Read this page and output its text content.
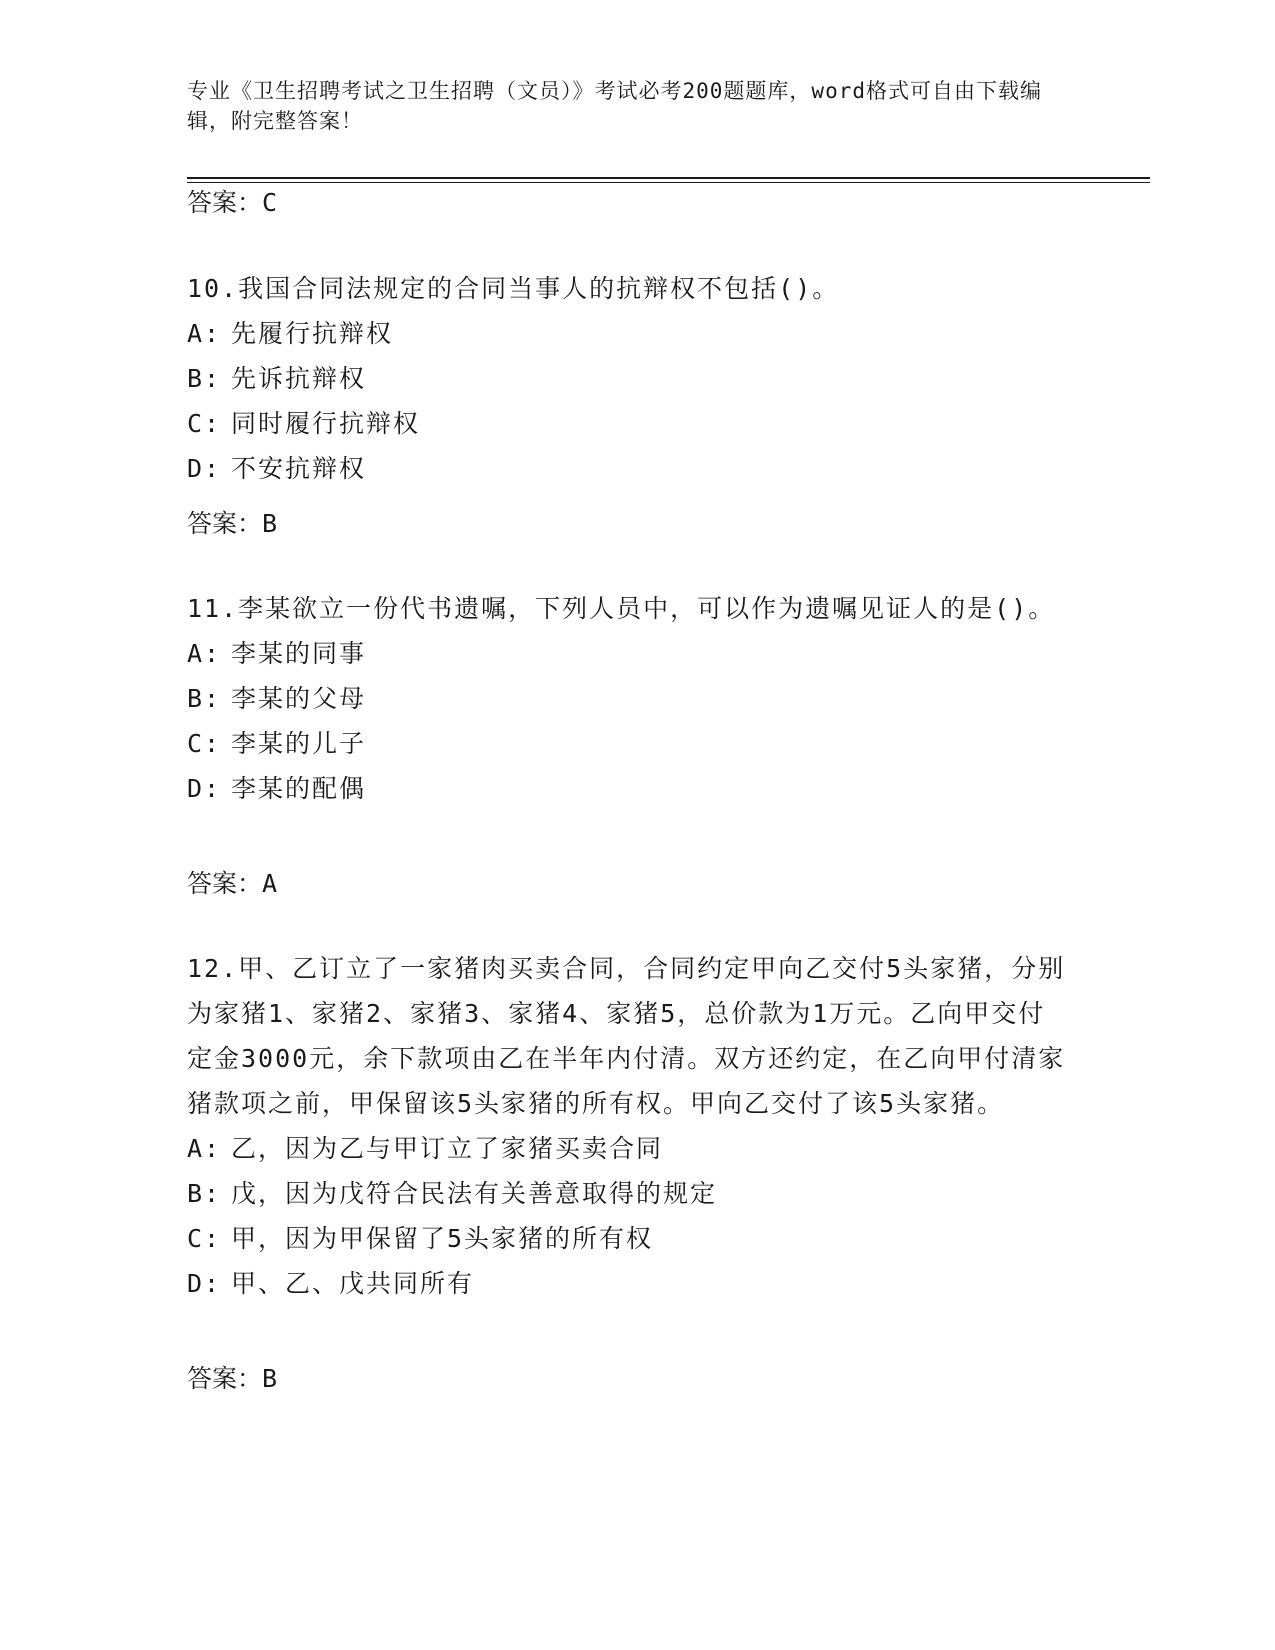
专业《卫生招聘考试之卫生招聘（文员）》考试必考200题题库，word格式可自由下载编辑，附完整答案！
答案：C

10.我国合同法规定的合同当事人的抗辩权不包括()。

A: 先履行抗辩权

B: 先诉抗辩权

C: 同时履行抗辩权

D: 不安抗辩权

答案：B

11.李某欲立一份代书遗嘱，下列人员中，可以作为遗嘱见证人的是()。

A: 李某的同事

B: 李某的父母

C: 李某的儿子

D: 李某的配偶

答案：A

12.甲、乙订立了一家猪肉买卖合同，合同约定甲向乙交付5头家猪，分别为家猪1、家猪2、家猪3、家猪4、家猪5，总价款为1万元。乙向甲交付定金3000元，余下款项由乙在半年内付清。双方还约定，在乙向甲付清家猪款项之前，甲保留该5头家猪的所有权。甲向乙交付了该5头家猪。

A: 乙，因为乙与甲订立了家猪买卖合同

B: 戊，因为戊符合民法有关善意取得的规定

C: 甲，因为甲保留了5头家猪的所有权

D: 甲、乙、戊共同所有

答案：B
